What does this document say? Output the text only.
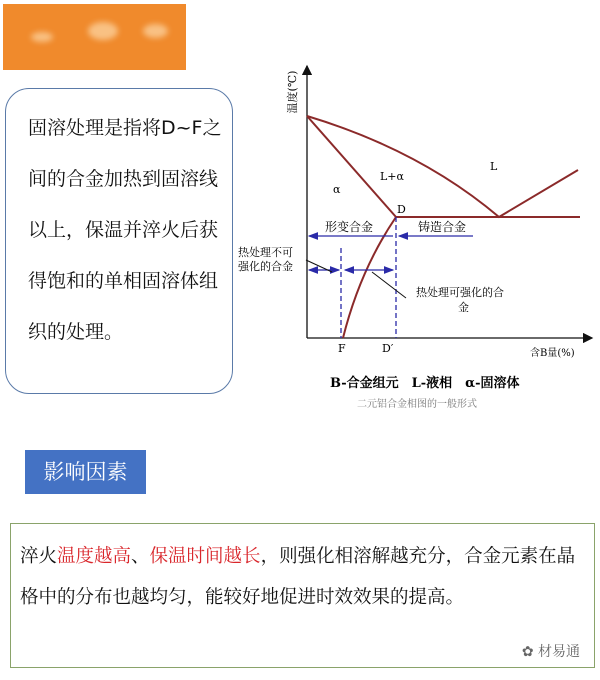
固溶处理是指将D~F之间的合金加热到固溶线以上，保温并淬火后获得饱和的单相固溶体组织的处理。

温度(℃)
α
L+α
L
D
形变合金	铸造合金
热处理不可
强化的合金
热处理可强化的合
金
F	D′	含B量(%)
B-合金组元　L-液相　α-固溶体
二元铝合金相图的一般形式
影响因素

淬火温度越高、保温时间越长，则强化相溶解越充分，合金元素在晶格中的分布也越均匀，能较好地促进时效效果的提高。

✿ 材易通
